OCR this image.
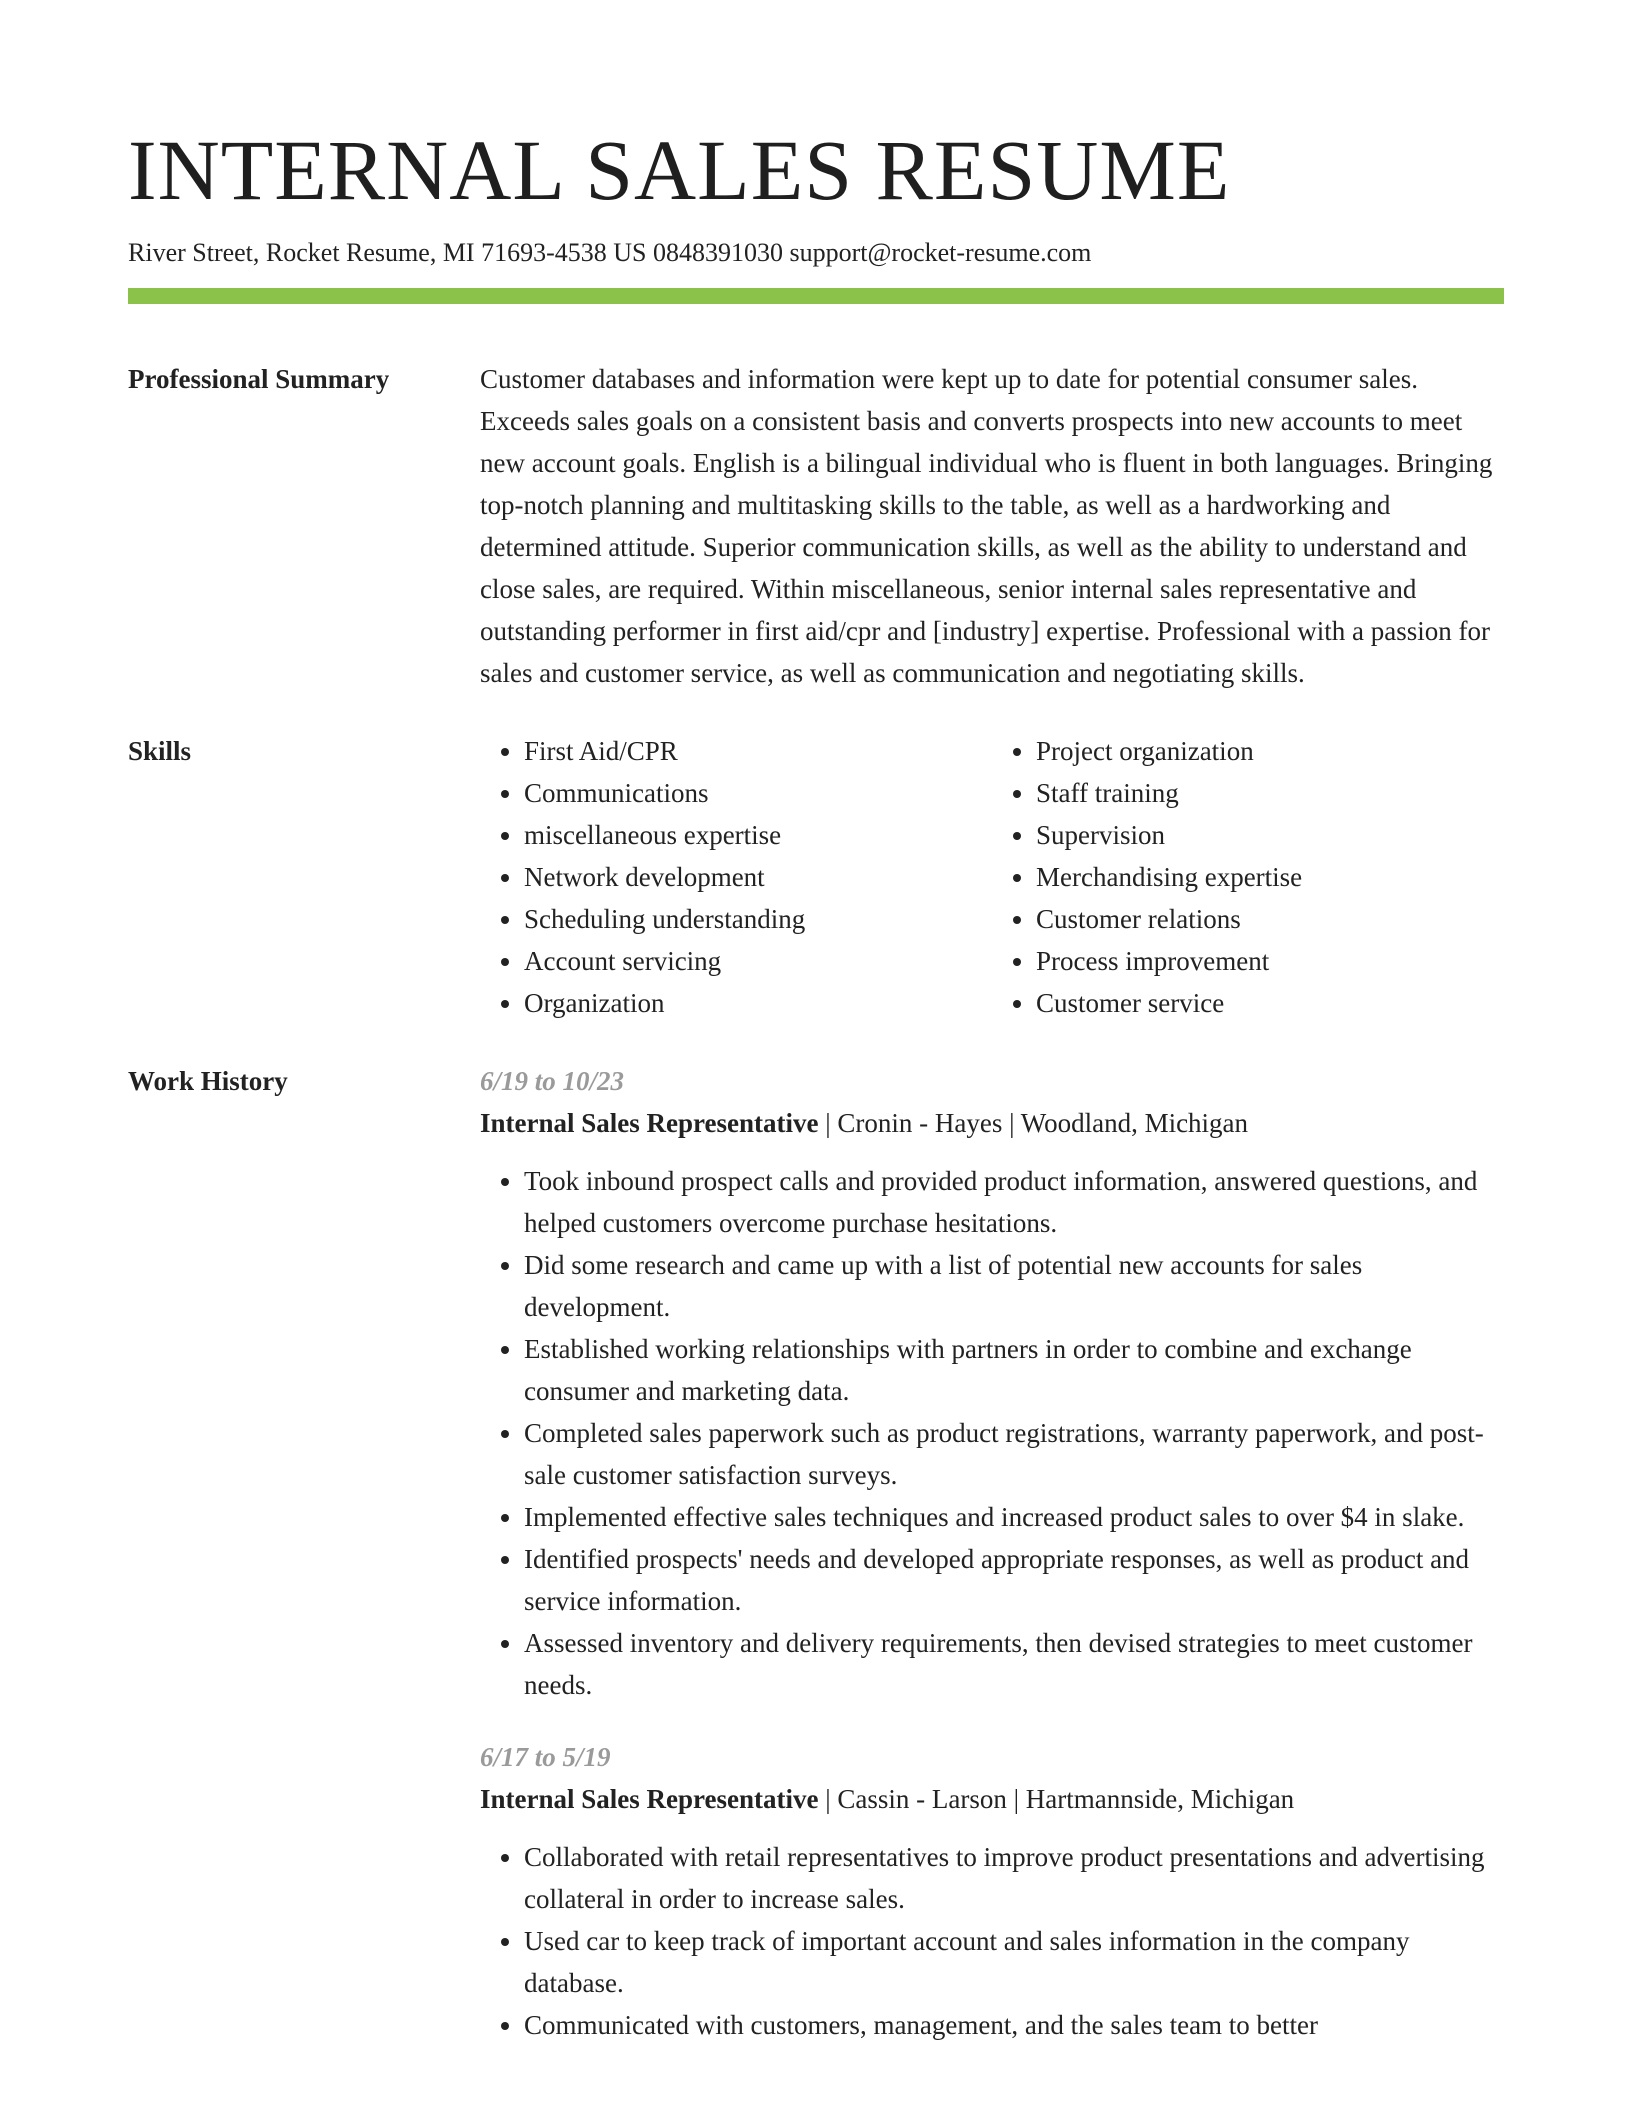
INTERNAL SALES RESUME
River Street, Rocket Resume, MI 71693-4538 US 0848391030 support@rocket-resume.com
Professional Summary	Customer databases and information were kept up to date for potential consumer sales. Exceeds sales goals on a consistent basis and converts prospects into new accounts to meet new account goals. English is a bilingual individual who is fluent in both languages. Bringing top-notch planning and multitasking skills to the table, as well as a hardworking and determined attitude. Superior communication skills, as well as the ability to understand and close sales, are required. Within miscellaneous, senior internal sales representative and outstanding performer in first aid/cpr and [industry] expertise. Professional with a passion for sales and customer service, as well as communication and negotiating skills.

Skills
•	First Aid/CPR
• Communications
• miscellaneous expertise
• Network development
• Scheduling understanding
• Account servicing
• Organization
• Project organization
• Staff training
• Supervision
• Merchandising expertise
• Customer relations
• Process improvement
• Customer service
Work History	6/19 to 10/23
Internal Sales Representative | Cronin - Hayes | Woodland, Michigan
• Took inbound prospect calls and provided product information, answered questions, and helped customers overcome purchase hesitations.
• Did some research and came up with a list of potential new accounts for sales development.
• Established working relationships with partners in order to combine and exchange consumer and marketing data.
• Completed sales paperwork such as product registrations, warranty paperwork, and post-sale customer satisfaction surveys.
• Implemented effective sales techniques and increased product sales to over $4 in slake.
• Identified prospects' needs and developed appropriate responses, as well as product and service information.
• Assessed inventory and delivery requirements, then devised strategies to meet customer needs.
6/17 to 5/19
Internal Sales Representative | Cassin - Larson | Hartmannside, Michigan
• Collaborated with retail representatives to improve product presentations and advertising collateral in order to increase sales.
• Used car to keep track of important account and sales information in the company database.
• Communicated with customers, management, and the sales team to better
